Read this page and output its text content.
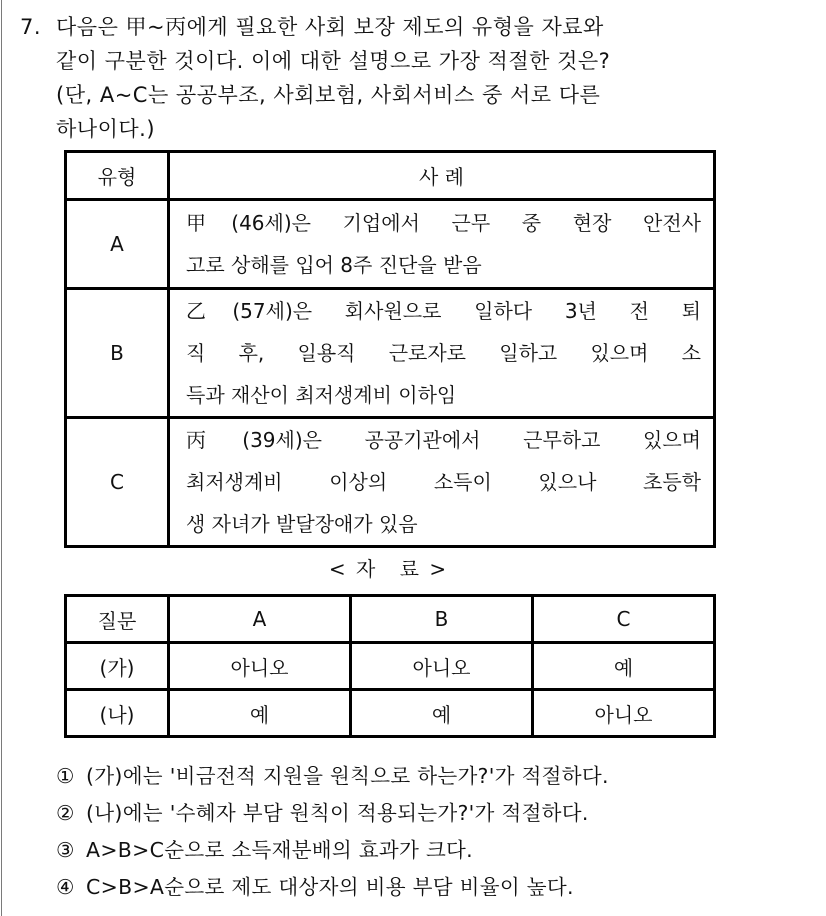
7. 다음은 甲~丙에게 필요한 사회 보장 제도의 유형을 자료와
같이 구분한 것이다. 이에 대한 설명으로 가장 적절한 것은?
(단, A~C는 공공부조, 사회보험, 사회서비스 중 서로 다른
하나이다.)
유형	사 례
A	甲(46세)은 기업에서 근무 중 현장 안전사
고로 상해를 입어 8주 진단을 받음

B	乙(57세)은 회사원으로 일하다 3년 전 퇴
직 후, 일용직 근로자로 일하고 있으며 소
득과 재산이 최저생계비 이하임

C	丙(39세)은 공공기관에서 근무하고 있으며
최저생계비 이상의 소득이 있으나 초등학
생 자녀가 발달장애가 있음
< 자 료 >
질문	A	B	C
(가)	아니오	아니오	예
(나)	예	예	아니오
① (가)에는 '비금전적 지원을 원칙으로 하는가?'가 적절하다.
② (나)에는 '수혜자 부담 원칙이 적용되는가?'가 적절하다.
③ A>B>C순으로 소득재분배의 효과가 크다.
④ C>B>A순으로 제도 대상자의 비용 부담 비율이 높다.
